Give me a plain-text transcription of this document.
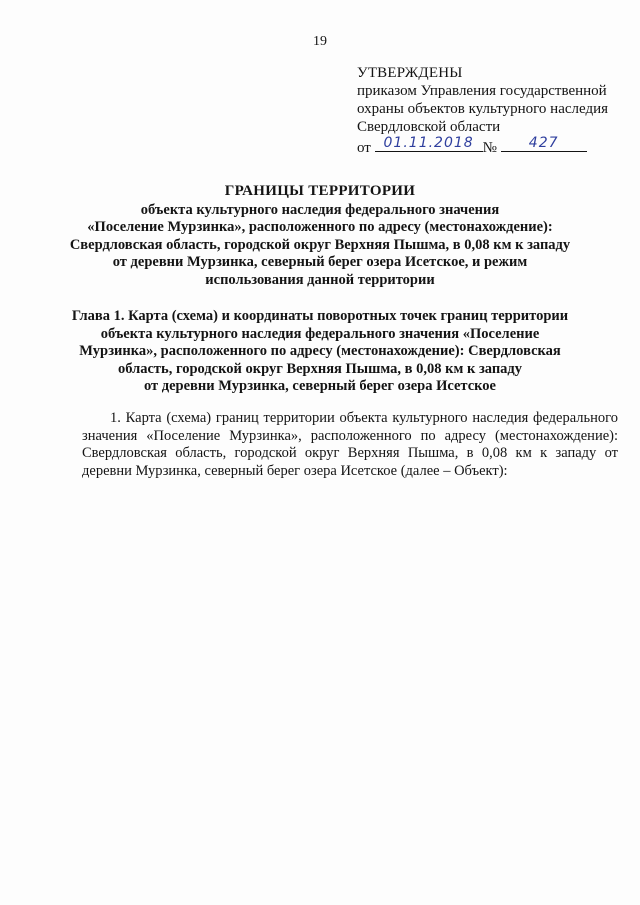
19
УТВЕРЖДЕНЫ
приказом Управления государственной
охраны объектов культурного наследия
Свердловской области
от 01.11.2018 №	427
ГРАНИЦЫ ТЕРРИТОРИИ
объекта культурного наследия федерального значения
«Поселение Мурзинка», расположенного по адресу (местонахождение):
Свердловская область, городской округ Верхняя Пышма, в 0,08 км к западу
от деревни Мурзинка, северный берег озера Исетское, и режим
использования данной территории
Глава 1. Карта (схема) и координаты поворотных точек границ территории
объекта культурного наследия федерального значения «Поселение
Мурзинка», расположенного по адресу (местонахождение): Свердловская
область, городской округ Верхняя Пышма, в 0,08 км к западу
от деревни Мурзинка, северный берег озера Исетское

1. Карта (схема) границ территории объекта культурного наследия федерального значения «Поселение Мурзинка», расположенного по адресу (местонахождение): Свердловская область, городской округ Верхняя Пышма, в 0,08 км к западу от деревни Мурзинка, северный берег озера Исетское (далее – Объект):
